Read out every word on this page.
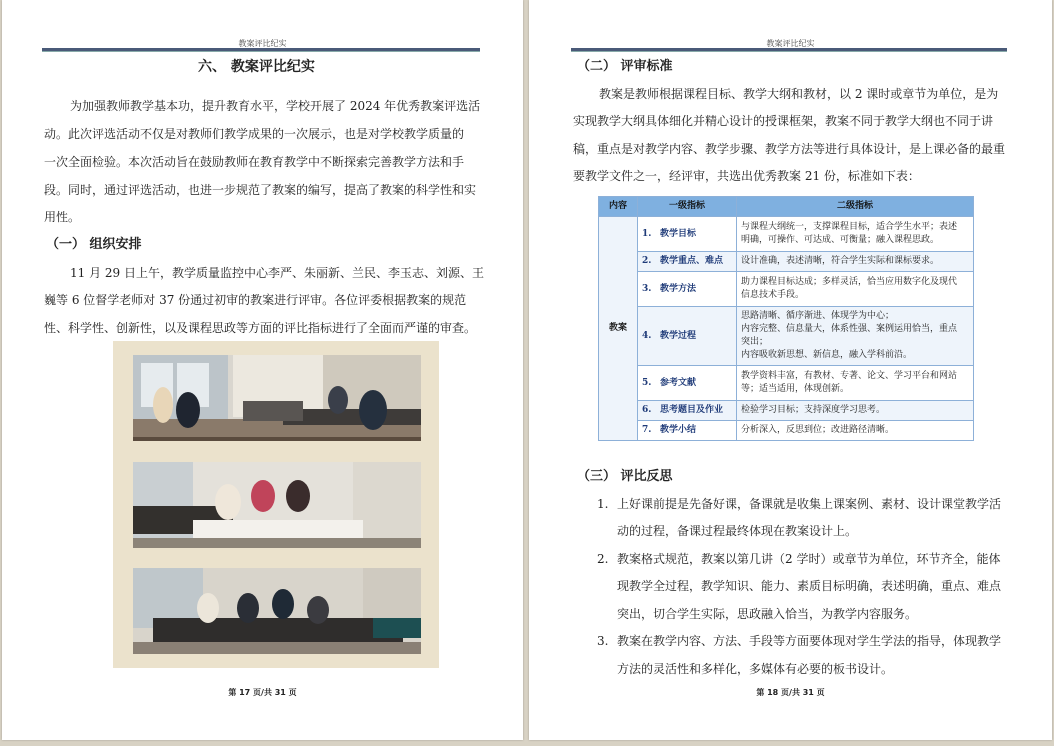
教案评比纪实
六、 教案评比纪实
为加强教师教学基本功，提升教育水平，学校开展了 2024 年优秀教案评选活
动。此次评选活动不仅是对教师们教学成果的一次展示，也是对学校教学质量的
一次全面检验。本次活动旨在鼓励教师在教育教学中不断探索完善教学方法和手
段。同时，通过评选活动，也进一步规范了教案的编写，提高了教案的科学性和实
用性。
（一） 组织安排
11 月 29 日上午，教学质量监控中心李严、朱丽新、兰民、李玉志、刘源、王
巍等 6 位督学老师对 37 份通过初审的教案进行评审。各位评委根据教案的规范
性、科学性、创新性，以及课程思政等方面的评比指标进行了全面而严谨的审查。
第 17 页/共 31 页
教案评比纪实
（二） 评审标准
教案是教师根据课程目标、教学大纲和教材，以 2 课时或章节为单位，是为
实现教学大纲具体细化并精心设计的授课框架，教案不同于教学大纲也不同于讲
稿，重点是对教学内容、教学步骤、教学方法等进行具体设计，是上课必备的最重
要教学文件之一，经评审，共选出优秀教案 21 份，标准如下表：
内容	一级指标	二级指标
教案	1. 教学目标	与课程大纲统一，支撑课程目标，适合学生水平；表述
明确，可操作、可达成、可衡量；融入课程思政。

	2. 教学重点、难点	设计准确，表述清晰，符合学生实际和课标要求。

	3. 教学方法	助力课程目标达成；多样灵活，恰当应用数字化及现代
信息技术手段。

	4. 教学过程	思路清晰、循序渐进、体现学为中心；
内容完整、信息量大，体系性强、案例运用恰当，重点
突出；
内容吸收新思想、新信息，融入学科前沿。

	5. 参考文献	教学资料丰富，有教材、专著、论文、学习平台和网站
等；适当适用，体现创新。

	6. 思考题目及作业	检验学习目标；支持深度学习思考。

	7. 教学小结	分析深入，反思到位；改进路径清晰。
（三） 评比反思
1. 上好课前提是先备好课，备课就是收集上课案例、素材、设计课堂教学活
动的过程，备课过程最终体现在教案设计上。
2. 教案格式规范，教案以第几讲（2 学时）或章节为单位，环节齐全，能体
现教学全过程，教学知识、能力、素质目标明确，表述明确，重点、难点
突出，切合学生实际，思政融入恰当，为教学内容服务。
3. 教案在教学内容、方法、手段等方面要体现对学生学法的指导，体现教学
方法的灵活性和多样化，多媒体有必要的板书设计。
第 18 页/共 31 页
